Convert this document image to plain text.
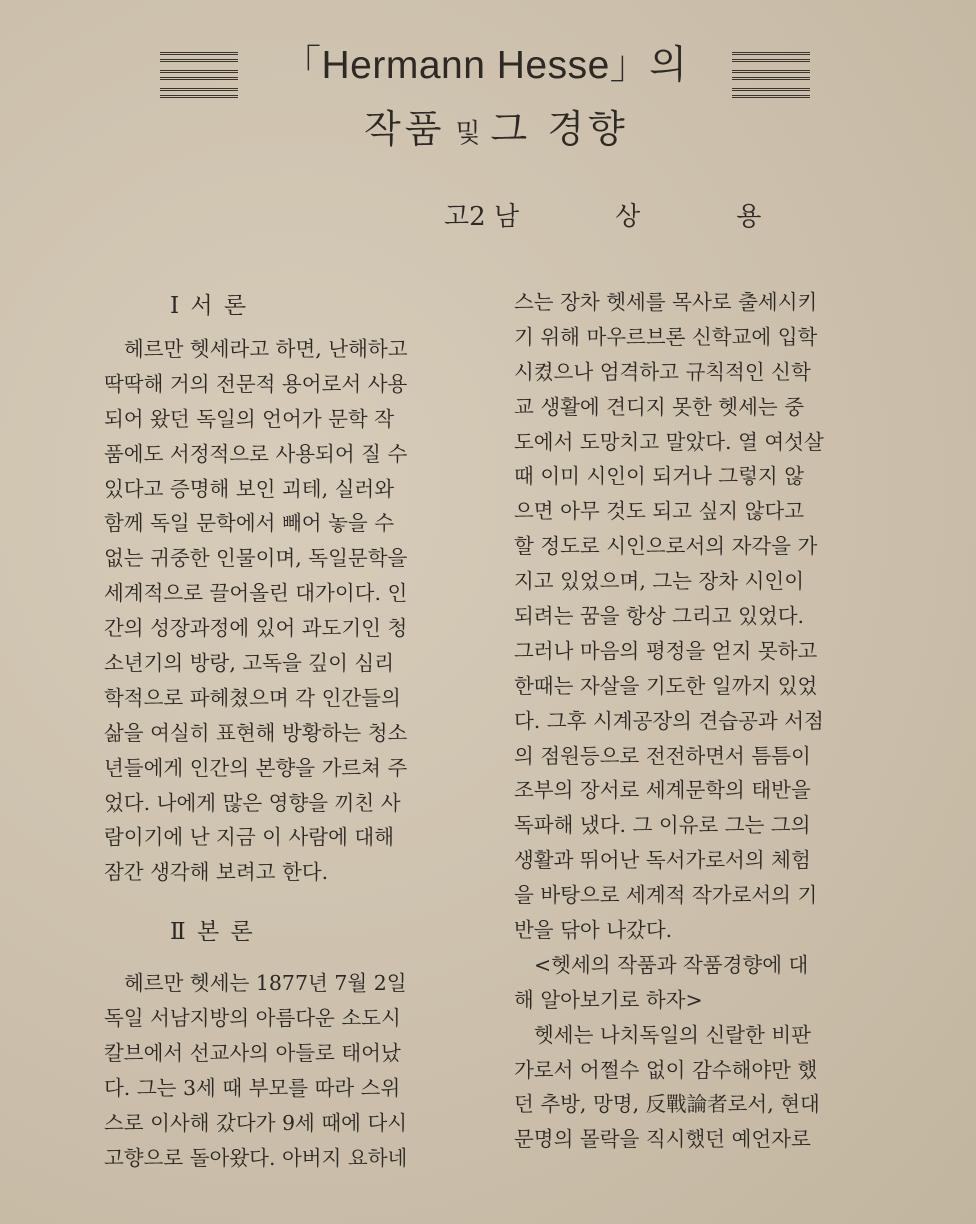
「Hermann Hesse」의
작품 및 그 경향
고2 남	상	용
Ⅰ 서 론
헤르만 헷세라고 하면, 난해하고
딱딱해 거의 전문적 용어로서 사용
되어 왔던 독일의 언어가 문학 작
품에도 서정적으로 사용되어 질 수
있다고 증명해 보인 괴테, 실러와
함께 독일 문학에서 빼어 놓을 수
없는 귀중한 인물이며, 독일문학을
세계적으로 끌어올린 대가이다. 인
간의 성장과정에 있어 과도기인 청
소년기의 방랑, 고독을 깊이 심리
학적으로 파헤쳤으며 각 인간들의
삶을 여실히 표현해 방황하는 청소
년들에게 인간의 본향을 가르쳐 주
었다. 나에게 많은 영향을 끼친 사
람이기에 난 지금 이 사람에 대해
잠간 생각해 보려고 한다.
Ⅱ 본 론
헤르만 헷세는 1877년 7월 2일
독일 서남지방의 아름다운 소도시
칼브에서 선교사의 아들로 태어났
다. 그는 3세 때 부모를 따라 스위
스로 이사해 갔다가 9세 때에 다시
고향으로 돌아왔다. 아버지 요하네
스는 장차 헷세를 목사로 출세시키
기 위해 마우르브론 신학교에 입학
시켰으나 엄격하고 규칙적인 신학
교 생활에 견디지 못한 헷세는 중
도에서 도망치고 말았다. 열 여섯살
때 이미 시인이 되거나 그렇지 않
으면 아무 것도 되고 싶지 않다고
할 정도로 시인으로서의 자각을 가
지고 있었으며, 그는 장차 시인이
되려는 꿈을 항상 그리고 있었다.
그러나 마음의 평정을 얻지 못하고
한때는 자살을 기도한 일까지 있었
다. 그후 시계공장의 견습공과 서점
의 점원등으로 전전하면서 틈틈이
조부의 장서로 세계문학의 태반을
독파해 냈다. 그 이유로 그는 그의
생활과 뛰어난 독서가로서의 체험
을 바탕으로 세계적 작가로서의 기
반을 닦아 나갔다.
<헷세의 작품과 작품경향에 대
해 알아보기로 하자>
헷세는 나치독일의 신랄한 비판
가로서 어쩔수 없이 감수해야만 했
던 추방, 망명, 反戰論者로서, 현대
문명의 몰락을 직시했던 예언자로
